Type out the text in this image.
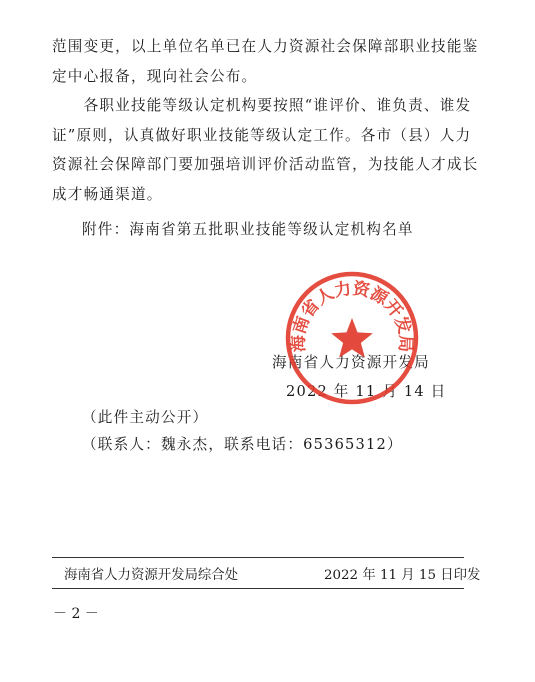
范围变更，以上单位名单已在人力资源社会保障部职业技能鉴定中心报备，现向社会公布。

　　各职业技能等级认定机构要按照“谁评价、谁负责、谁发证”原则，认真做好职业技能等级认定工作。各市（县）人力资源社会保障部门要加强培训评价活动监管，为技能人才成长成才畅通渠道。

附件：海南省第五批职业技能等级认定机构名单
海南省人力资源开发局
2022 年 11 月 14 日
海南省人力资源开发局
（此件主动公开）
（联系人：魏永杰，联系电话：65365312）
海南省人力资源开发局综合处	2022 年 11 月 15 日印发
－ 2 －
